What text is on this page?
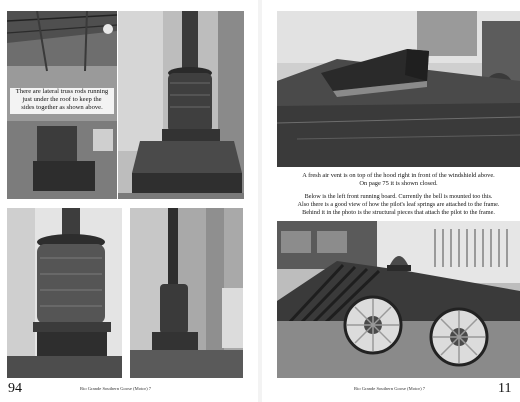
There are lateral truss rods running
just under the roof to keep the
sides together as shown above.
94	Rio Grande Southern Goose (Motor) 7
A fresh air vent is on top of the hood right in front of the windshield above.
On page 75 it is shown closed.
Below is the left front running board. Currently the bell is mounted too this.
Also there is a good view of how the pilot's leaf springs are attached to the frame.
Behind it in the photo is the structural pieces that attach the pilot to the frame.
Rio Grande Southern Goose (Motor) 7	11
